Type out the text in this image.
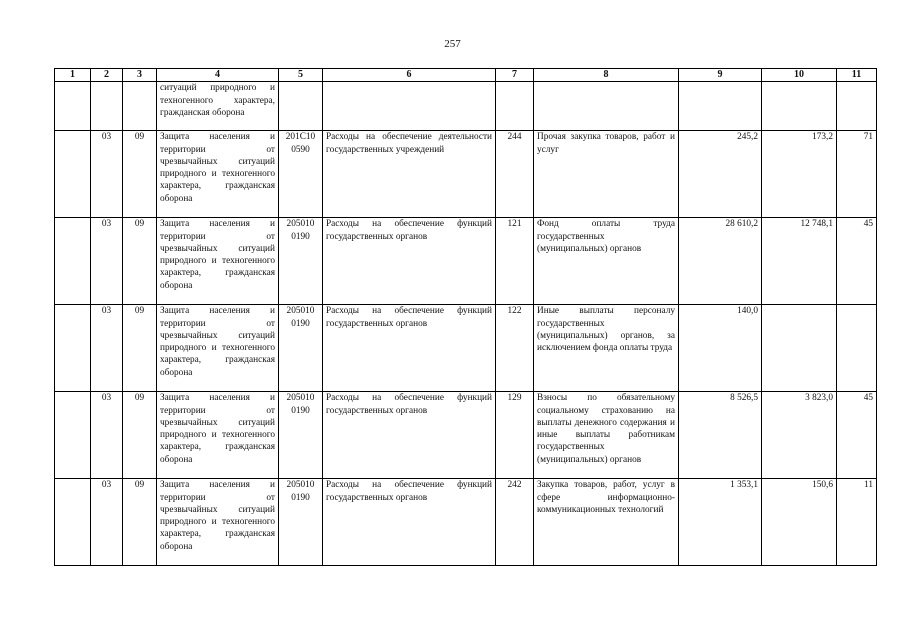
257
1	2	3	4	5	6	7	8	9	10	11
			ситуаций природного и техногенного характера, гражданская оборона							
	03	09	Защита населения и территории от чрезвычайных ситуаций природного и техногенного характера, гражданская оборона	201C10 0590	Расходы на обеспечение деятельности государственных учреждений	244	Прочая закупка товаров, работ и услуг	245,2	173,2	71
	03	09	Защита населения и территории от чрезвычайных ситуаций природного и техногенного характера, гражданская оборона	205010 0190	Расходы на обеспечение функций государственных органов	121	Фонд оплаты труда государственных (муниципальных) органов	28 610,2	12 748,1	45
	03	09	Защита населения и территории от чрезвычайных ситуаций природного и техногенного характера, гражданская оборона	205010 0190	Расходы на обеспечение функций государственных органов	122	Иные выплаты персоналу государственных (муниципальных) органов, за исключением фонда оплаты труда	140,0		
	03	09	Защита населения и территории от чрезвычайных ситуаций природного и техногенного характера, гражданская оборона	205010 0190	Расходы на обеспечение функций государственных органов	129	Взносы по обязательному социальному страхованию на выплаты денежного содержания и иные выплаты работникам государственных (муниципальных) органов	8 526,5	3 823,0	45
	03	09	Защита населения и территории от чрезвычайных ситуаций природного и техногенного характера, гражданская оборона	205010 0190	Расходы на обеспечение функций государственных органов	242	Закупка товаров, работ, услуг в сфере информационно-коммуникационных технологий	1 353,1	150,6	11
